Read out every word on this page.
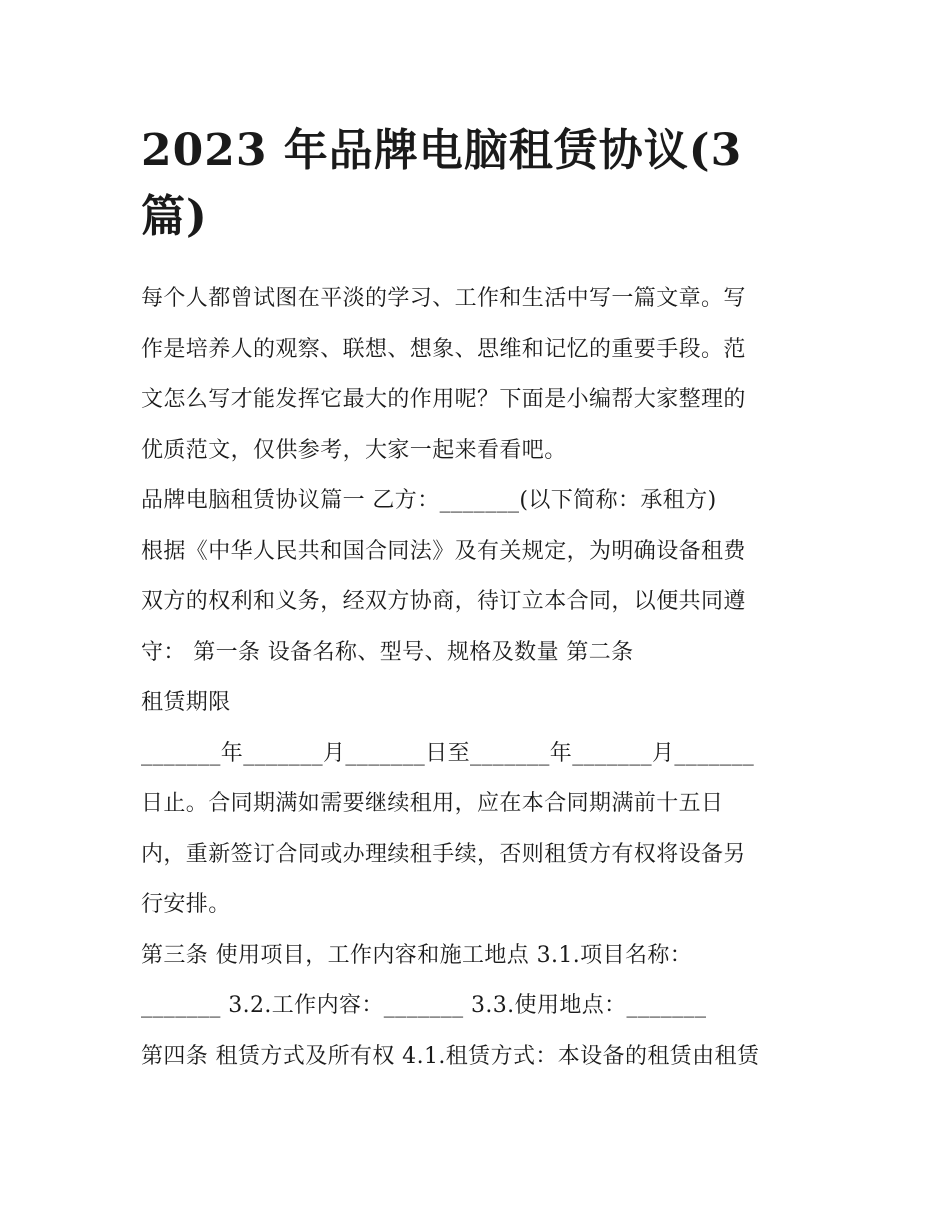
2023 年品牌电脑租赁协议(3
篇)
每个人都曾试图在平淡的学习、工作和生活中写一篇文章。写
作是培养人的观察、联想、想象、思维和记忆的重要手段。范
文怎么写才能发挥它最大的作用呢？下面是小编帮大家整理的
优质范文，仅供参考，大家一起来看看吧。
品牌电脑租赁协议篇一 乙方：_______(以下简称：承租方)
根据《中华人民共和国合同法》及有关规定，为明确设备租费
双方的权利和义务，经双方协商，待订立本合同，以便共同遵
守： 第一条 设备名称、型号、规格及数量 第二条
租赁期限
_______年_______月_______日至_______年_______月_______
日止。合同期满如需要继续租用，应在本合同期满前十五日
内，重新签订合同或办理续租手续，否则租赁方有权将设备另
行安排。
第三条 使用项目，工作内容和施工地点 3.1.项目名称：
_______ 3.2.工作内容：_______ 3.3.使用地点：_______
第四条 租赁方式及所有权 4.1.租赁方式：本设备的租赁由租赁
